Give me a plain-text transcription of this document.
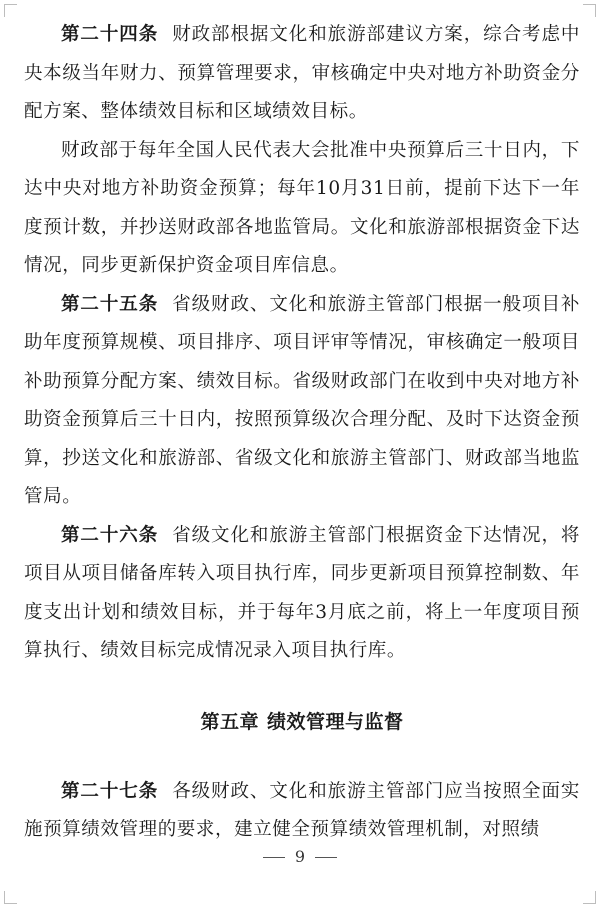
第二十四条 财政部根据文化和旅游部建议方案，综合考虑中央本级当年财力、预算管理要求，审核确定中央对地方补助资金分配方案、整体绩效目标和区域绩效目标。

财政部于每年全国人民代表大会批准中央预算后三十日内，下达中央对地方补助资金预算；每年10月31日前，提前下达下一年度预计数，并抄送财政部各地监管局。文化和旅游部根据资金下达情况，同步更新保护资金项目库信息。

第二十五条 省级财政、文化和旅游主管部门根据一般项目补助年度预算规模、项目排序、项目评审等情况，审核确定一般项目补助预算分配方案、绩效目标。省级财政部门在收到中央对地方补助资金预算后三十日内，按照预算级次合理分配、及时下达资金预算，抄送文化和旅游部、省级文化和旅游主管部门、财政部当地监管局。

第二十六条 省级文化和旅游主管部门根据资金下达情况，将项目从项目储备库转入项目执行库，同步更新项目预算控制数、年度支出计划和绩效目标，并于每年3月底之前，将上一年度项目预算执行、绩效目标完成情况录入项目执行库。

第五章 绩效管理与监督

第二十七条 各级财政、文化和旅游主管部门应当按照全面实施预算绩效管理的要求，建立健全预算绩效管理机制，对照绩

9
